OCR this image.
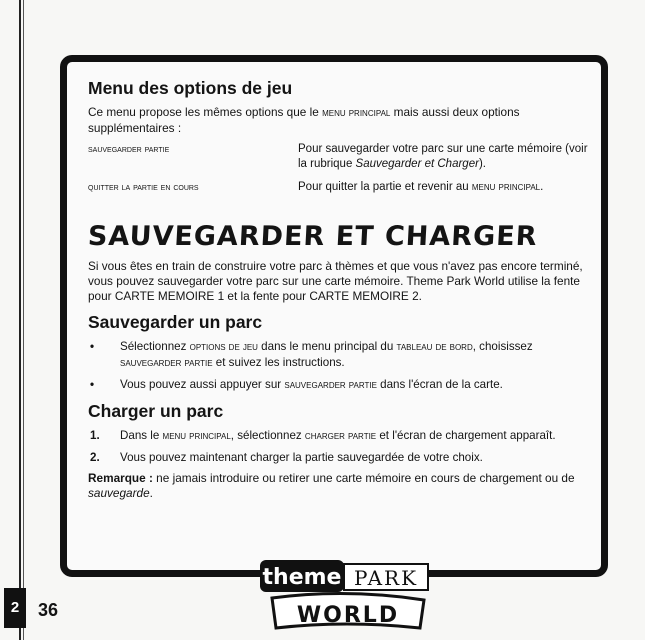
Menu des options de jeu

Ce menu propose les mêmes options que le menu principal mais aussi deux options supplémentaires :

sauvegarder partie	Pour sauvegarder votre parc sur une carte mémoire (voir la rubrique Sauvegarder et Charger).
quitter la partie en cours	Pour quitter la partie et revenir au menu principal.
SAUVEGARDER ET CHARGER

Si vous êtes en train de construire votre parc à thèmes et que vous n'avez pas encore terminé, vous pouvez sauvegarder votre parc sur une carte mémoire. Theme Park World utilise la fente pour CARTE MEMOIRE 1 et la fente pour CARTE MEMOIRE 2.

Sauvegarder un parc
• Sélectionnez options de jeu dans le menu principal du tableau de bord, choisissez sauvegarder partie et suivez les instructions.
• Vous pouvez aussi appuyer sur sauvegarder partie dans l'écran de la carte.
Charger un parc
1. Dans le menu principal, sélectionnez charger partie et l'écran de chargement apparaît.
2. Vous pouvez maintenant charger la partie sauvegardée de votre choix.

Remarque : ne jamais introduire ou retirer une carte mémoire en cours de chargement ou de sauvegarde.

theme PARK
WORLD
2	36
